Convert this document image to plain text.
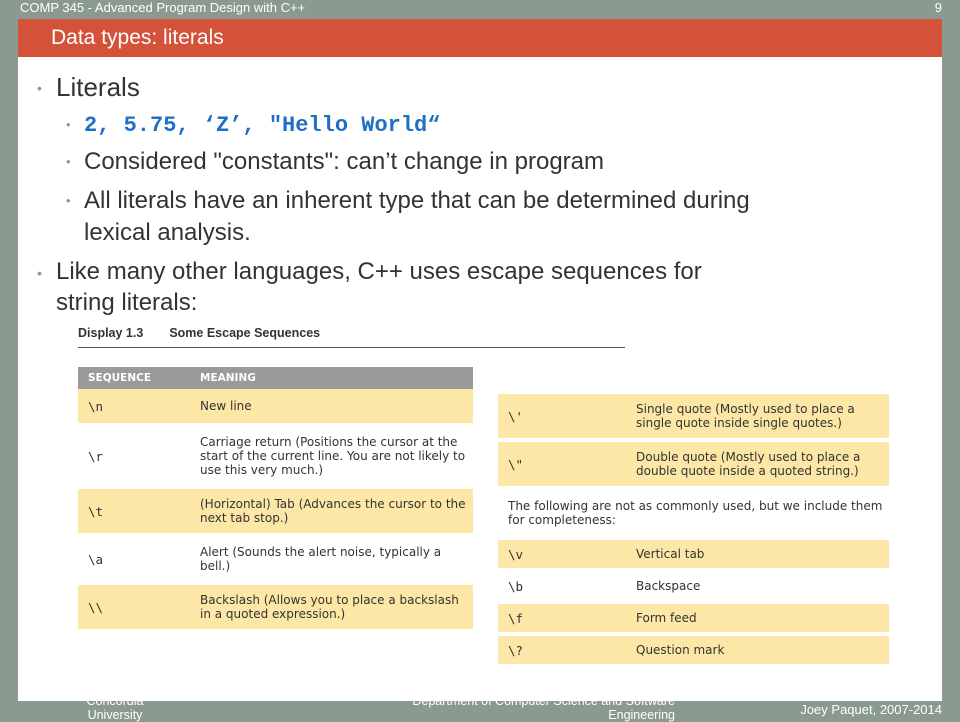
COMP 345 - Advanced Program Design with C++	9
Data types: literals
• Literals
• 2, 5.75, ‘Z’, "Hello World“
• Considered "constants": can’t change in program
• All literals have an inherent type that can be determined during
lexical analysis.
• Like many other languages, C++ uses escape sequences for
string literals:
Display 1.3 Some Escape Sequences
SEQUENCE	MEANING
\n	New line

\r	Carriage return (Positions the cursor at the start of the current line. You are not likely to use this very much.)

\t	(Horizontal) Tab (Advances the cursor to the next tab stop.)

\a	Alert (Sounds the alert noise, typically a bell.)

\\	Backslash (Allows you to place a backslash in a quoted expression.)
\'	Single quote (Mostly used to place a single quote inside single quotes.)

\"	Double quote (Mostly used to place a double quote inside a quoted string.)

The following are not as commonly used, but we include them for completeness:	

\v	Vertical tab

\b	Backspace

\f	Form feed

\?	Question mark
Concordia
University
Department of Computer Science and Software
Engineering	Joey Paquet, 2007-2014
